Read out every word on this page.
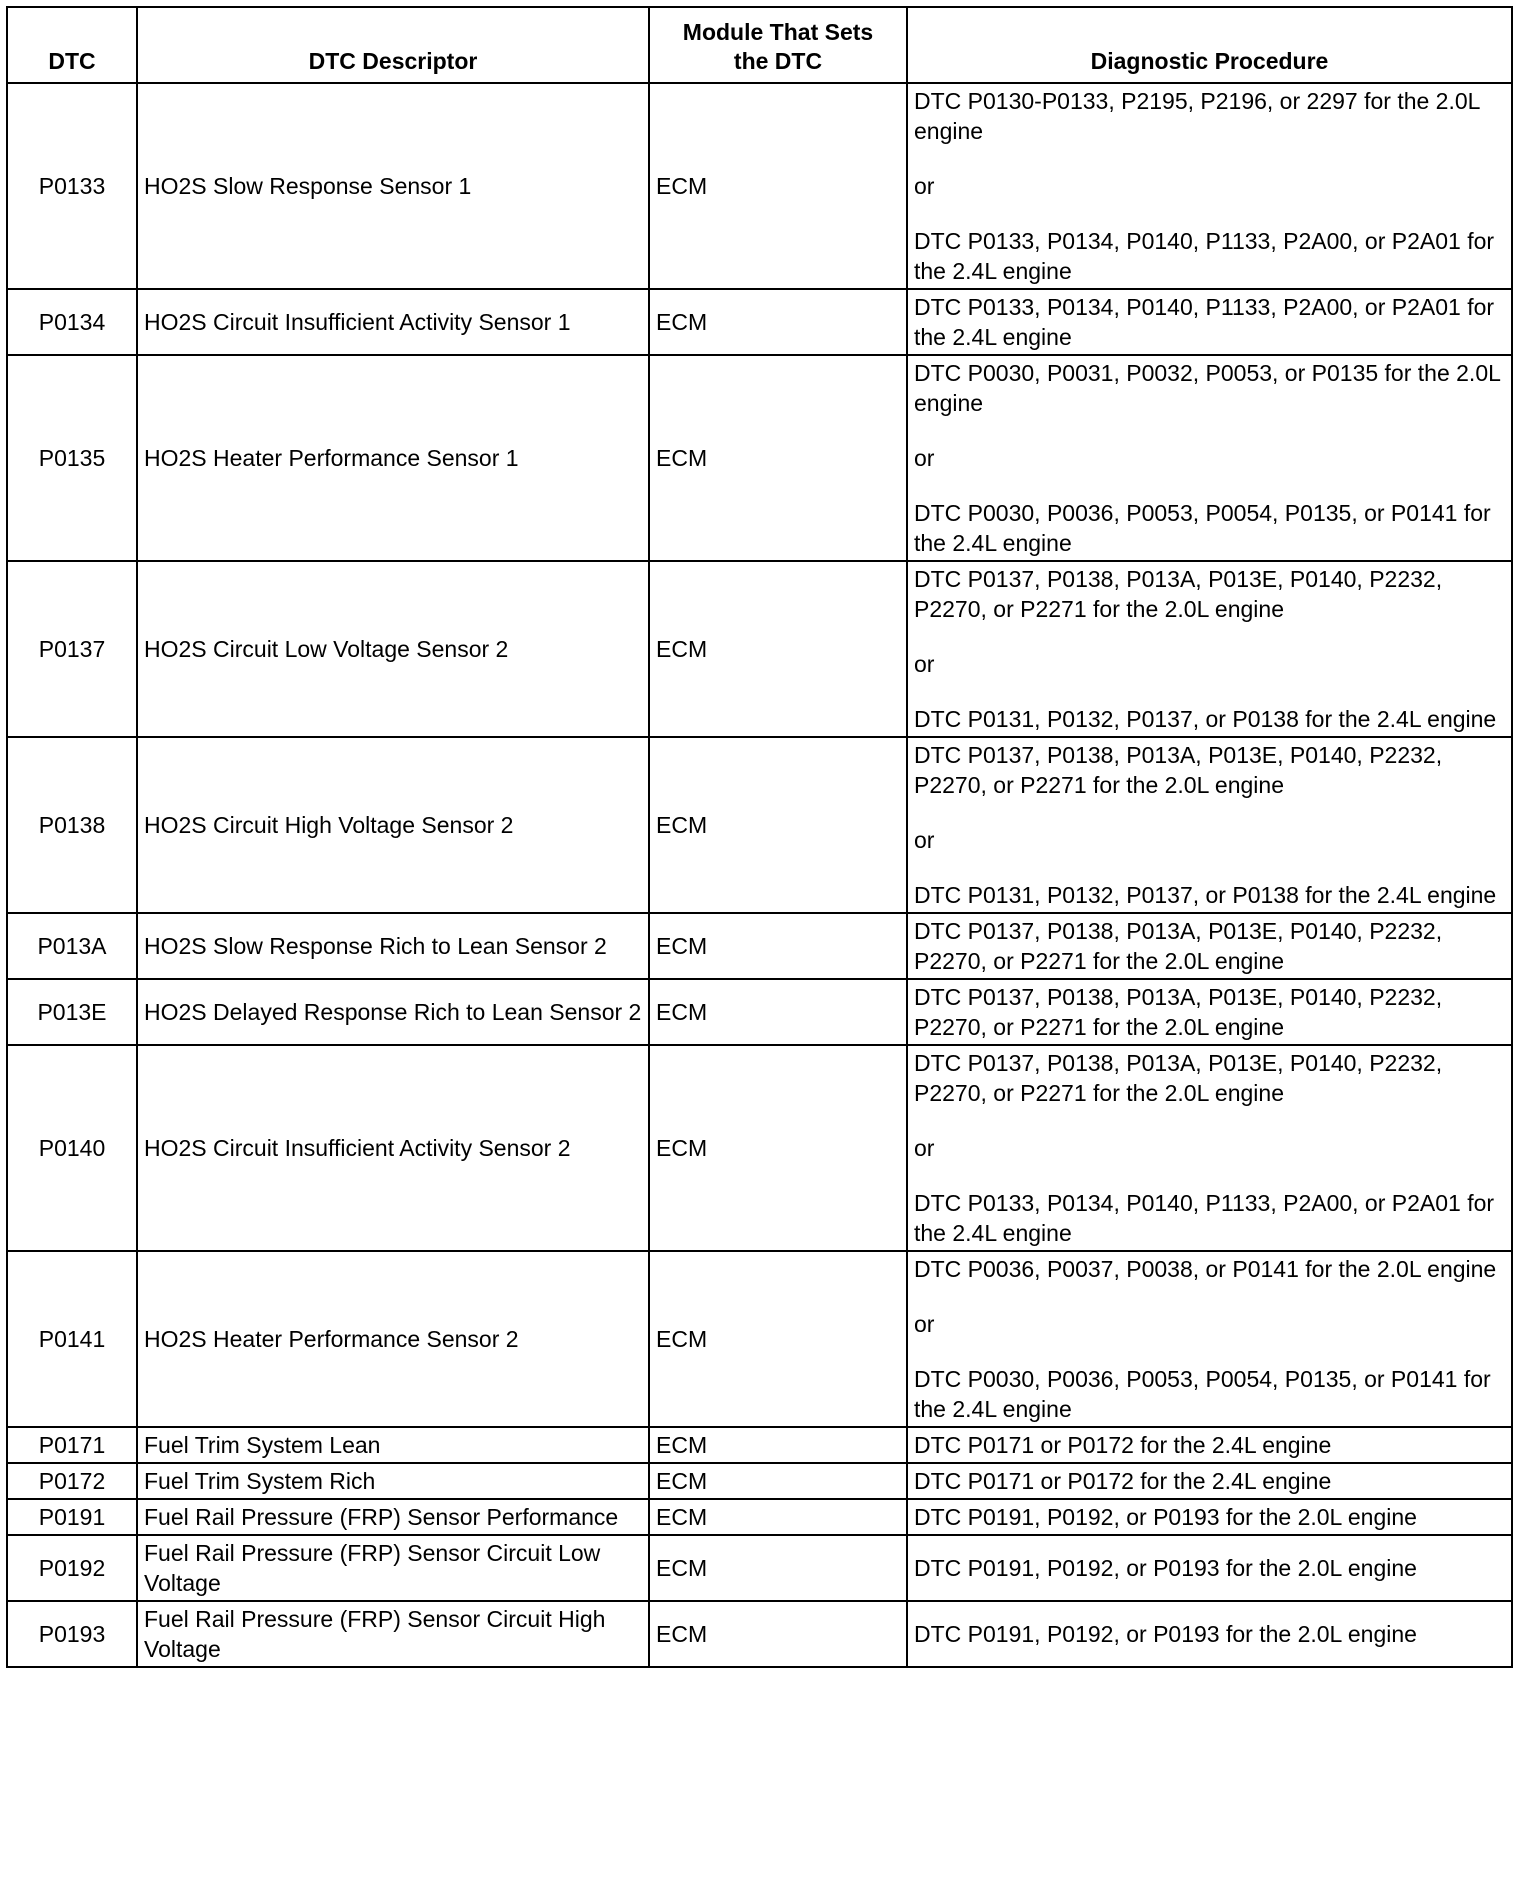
DTC	DTC Descriptor	Module That Sets the DTC	Diagnostic Procedure
P0133	HO2S Slow Response Sensor 1	ECM	DTC P0130-P0133, P2195, P2196, or 2297 for the 2.0L engine
or
DTC P0133, P0134, P0140, P1133, P2A00, or P2A01 for the 2.4L engine

P0134	HO2S Circuit Insufficient Activity Sensor 1	ECM	DTC P0133, P0134, P0140, P1133, P2A00, or P2A01 for the 2.4L engine

P0135	HO2S Heater Performance Sensor 1	ECM	DTC P0030, P0031, P0032, P0053, or P0135 for the 2.0L engine
or
DTC P0030, P0036, P0053, P0054, P0135, or P0141 for the 2.4L engine

P0137	HO2S Circuit Low Voltage Sensor 2	ECM	DTC P0137, P0138, P013A, P013E, P0140, P2232, P2270, or P2271 for the 2.0L engine
or
DTC P0131, P0132, P0137, or P0138 for the 2.4L engine

P0138	HO2S Circuit High Voltage Sensor 2	ECM	DTC P0137, P0138, P013A, P013E, P0140, P2232, P2270, or P2271 for the 2.0L engine
or
DTC P0131, P0132, P0137, or P0138 for the 2.4L engine

P013A	HO2S Slow Response Rich to Lean Sensor 2	ECM	DTC P0137, P0138, P013A, P013E, P0140, P2232, P2270, or P2271 for the 2.0L engine

P013E	HO2S Delayed Response Rich to Lean Sensor 2	ECM	DTC P0137, P0138, P013A, P013E, P0140, P2232, P2270, or P2271 for the 2.0L engine

P0140	HO2S Circuit Insufficient Activity Sensor 2	ECM	DTC P0137, P0138, P013A, P013E, P0140, P2232, P2270, or P2271 for the 2.0L engine
or
DTC P0133, P0134, P0140, P1133, P2A00, or P2A01 for the 2.4L engine

P0141	HO2S Heater Performance Sensor 2	ECM	DTC P0036, P0037, P0038, or P0141 for the 2.0L engine
or
DTC P0030, P0036, P0053, P0054, P0135, or P0141 for the 2.4L engine

P0171	Fuel Trim System Lean	ECM	DTC P0171 or P0172 for the 2.4L engine

P0172	Fuel Trim System Rich	ECM	DTC P0171 or P0172 for the 2.4L engine

P0191	Fuel Rail Pressure (FRP) Sensor Performance	ECM	DTC P0191, P0192, or P0193 for the 2.0L engine

P0192	Fuel Rail Pressure (FRP) Sensor Circuit Low Voltage	ECM	DTC P0191, P0192, or P0193 for the 2.0L engine

P0193	Fuel Rail Pressure (FRP) Sensor Circuit High Voltage	ECM	DTC P0191, P0192, or P0193 for the 2.0L engine
